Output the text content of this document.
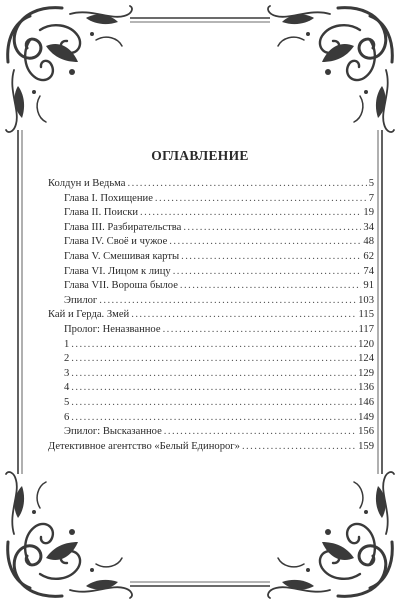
ОГЛАВЛЕНИЕ
Колдун и Ведьма . . .	5
Глава I. Похищение . . .	7
Глава II. Поиски . . .	19
Глава III. Разбирательства . . .	34
Глава IV. Своё и чужое . . .	48
Глава V. Смешивая карты . . .	62
Глава VI. Лицом к лицу . . .	74
Глава VII. Вороша былое . . .	91
Эпилог . . .	103
Кай и Герда. Змей . . .	115
Пролог: Неназванное . . .	117
1 . . .	120
2 . . .	124
3 . . .	129
4 . . .	136
5 . . .	146
6 . . .	149
Эпилог: Высказанное . . .	156
Детективное агентство «Белый Единорог» . . .	159
